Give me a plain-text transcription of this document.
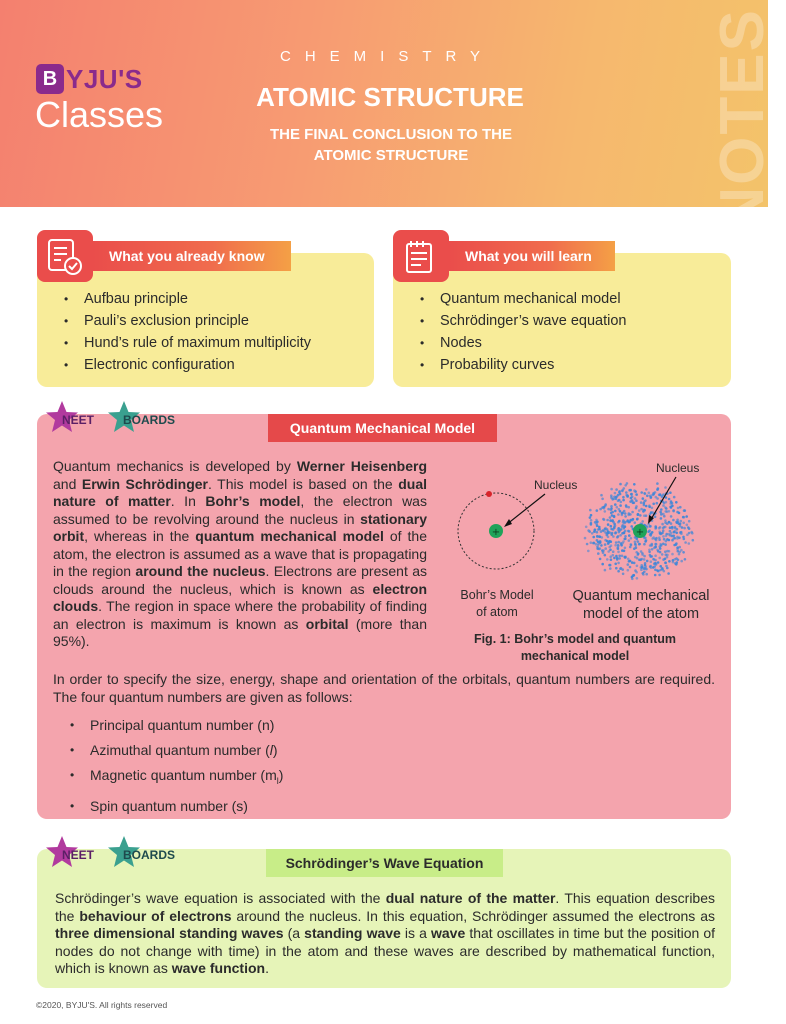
NOTES
B YJU'S
Classes
CHEMISTRY
ATOMIC STRUCTURE
THE FINAL CONCLUSION TO THE
ATOMIC STRUCTURE
What you already know	What you will learn
• Aufbau principle
• Pauli’s exclusion principle
• Hund’s rule of maximum multiplicity
• Electronic configuration
• Quantum mechanical model
• Schrödinger’s wave equation
• Nodes
• Probability curves
Quantum Mechanical Model
NEET BOARDS
Quantum mechanics is developed by Werner Heisenberg and Erwin Schrödinger. This model is based on the dual nature of matter. In Bohr’s model, the electron was assumed to be revolving around the nucleus in stationary orbit, whereas in the quantum mechanical model of the atom, the electron is assumed as a wave that is propagating in the region around the nucleus. Electrons are present as clouds around the nucleus, which is known as electron clouds. The region in space where the probability of finding an electron is maximum is known as orbital (more than 95%).
+	+
Nucleus
Nucleus
Bohr’s Model
of atom
Quantum mechanical
model of the atom
Fig. 1: Bohr’s model and quantum
mechanical model
In order to specify the size, energy, shape and orientation of the orbitals, quantum numbers are required. The four quantum numbers are given as follows:
• Principal quantum number (n)
• Azimuthal quantum number (l)
• Magnetic quantum number $(m_l)$
• Spin quantum number (s)
Schrödinger’s Wave Equation
NEET BOARDS
Schrödinger’s wave equation is associated with the dual nature of the matter. This equation describes the behaviour of electrons around the nucleus. In this equation, Schrödinger assumed the electrons as three dimensional standing waves (a standing wave is a wave that oscillates in time but the position of nodes do not change with time) in the atom and these waves are described by mathematical function, which is known as wave function.
©2020, BYJU'S. All rights reserved
